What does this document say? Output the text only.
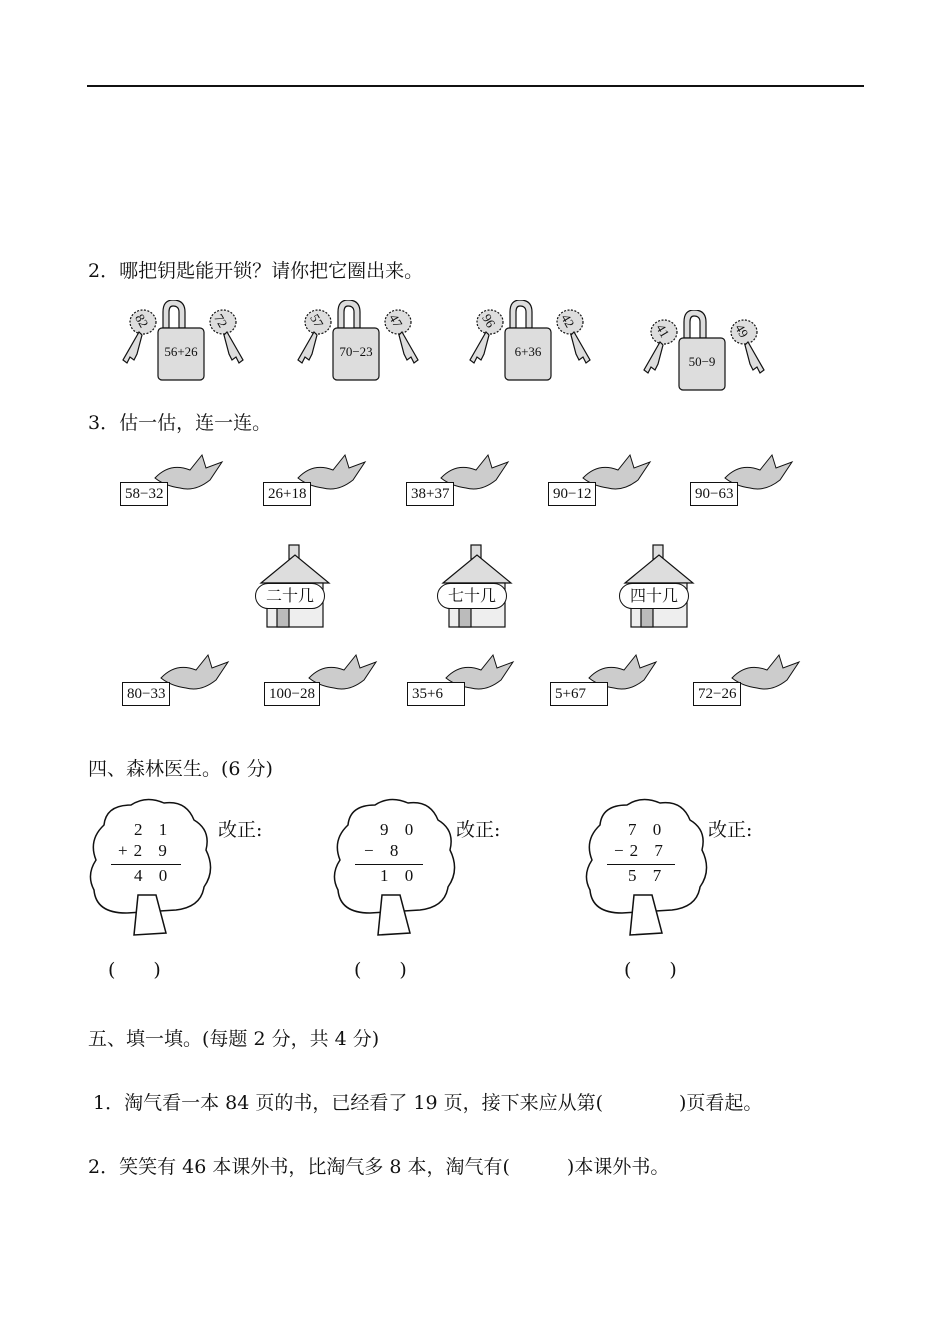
2．哪把钥匙能开锁？请你把它圈出来。
82	72
56+26
57	47
70−23
96	42
6+36
41	49
50−9
3．估一估，连一连。
58−32	26+18	38+37	90−12	90−63
二十几	七十几	四十几
80−33	100−28	35+6	5+67	72−26
四、森林医生。(6 分)
2 1
+2 9
4 0
改正:
(　　)
9 0
− 8
1 0
改正:
(　　)
7 0
−2 7
5 7
改正:
(　　)
五、填一填。(每题 2 分，共 4 分)
1．淘气看一本 84 页的书，已经看了 19 页，接下来应从第(　　　　)页看起。
2．笑笑有 46 本课外书，比淘气多 8 本，淘气有(　　　)本课外书。
